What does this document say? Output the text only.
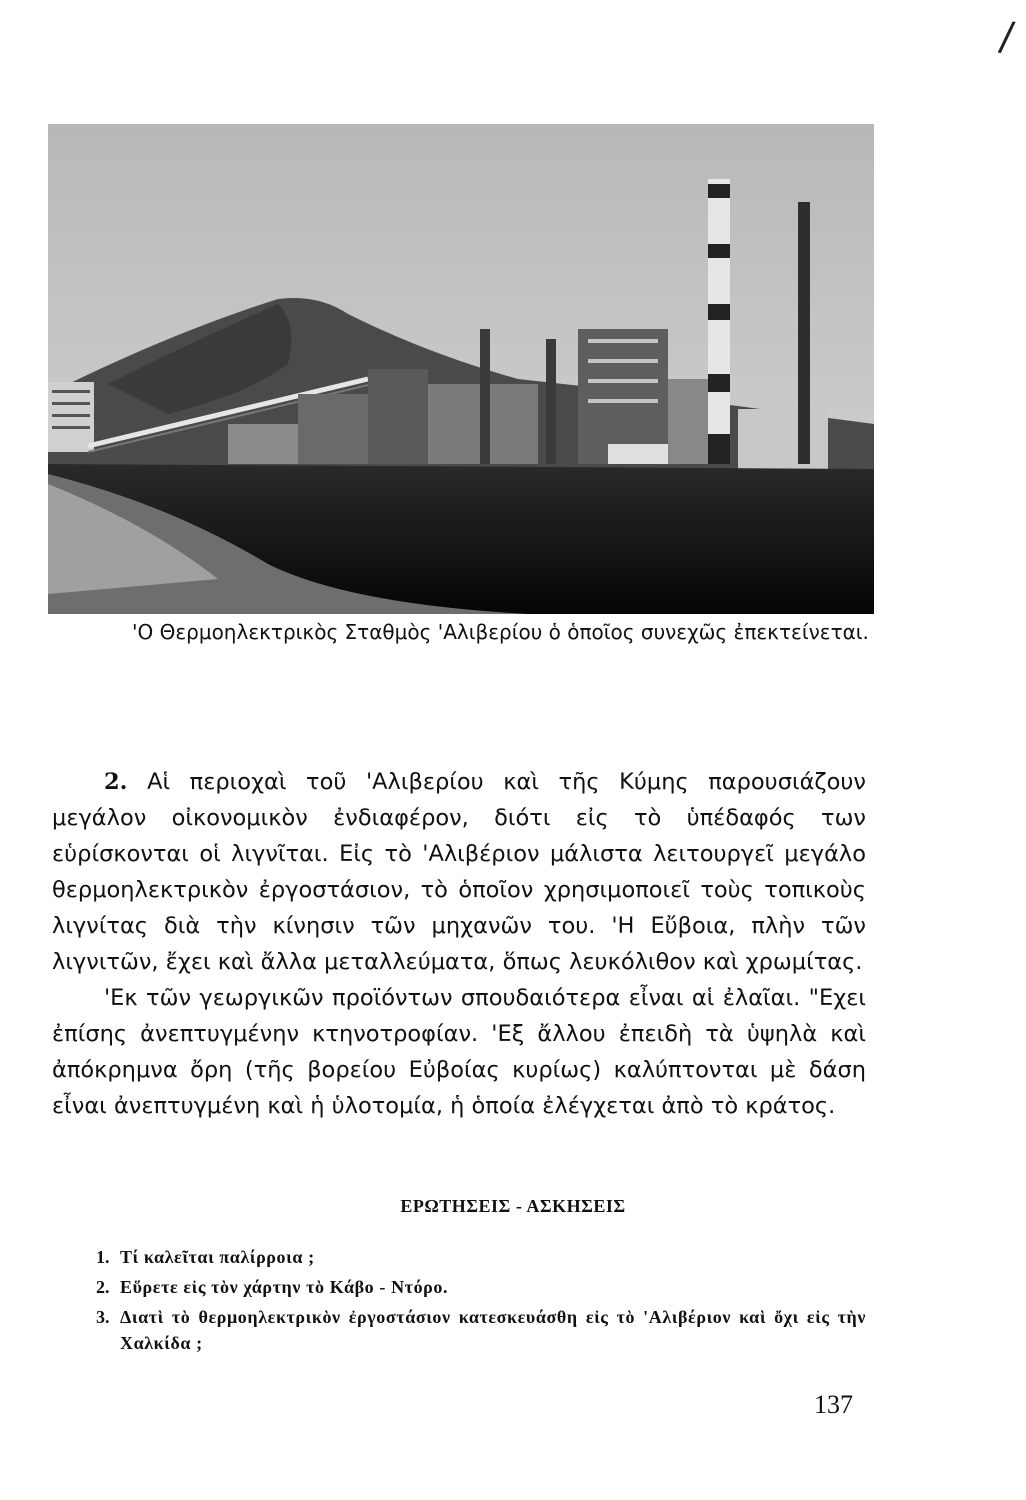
/
'Ο Θερμοηλεκτρικὸς Σταθμὸς 'Αλιβερίου ὁ ὁποῖος συνεχῶς ἐπεκτείνεται.

2. Αἱ περιοχαὶ τοῦ 'Αλιβερίου καὶ τῆς Κύμης παρουσιάζουν μεγάλον οἰκονομικὸν ἐνδιαφέρον, διότι εἰς τὸ ὑπέδαφός των εὑρίσκονται οἱ λιγνῖται. Εἰς τὸ 'Αλιβέριον μάλιστα λειτουργεῖ μεγάλο θερμοηλεκτρικὸν ἐργοστάσιον, τὸ ὁποῖον χρησιμοποιεῖ τοὺς τοπικοὺς λιγνίτας διὰ τὴν κίνησιν τῶν μηχανῶν του. 'Η Εὔβοια, πλὴν τῶν λιγνιτῶν, ἔχει καὶ ἄλλα μεταλλεύματα, ὅπως λευκόλιθον καὶ χρωμίτας.

'Εκ τῶν γεωργικῶν προϊόντων σπουδαιότερα εἶναι αἱ ἐλαῖαι. "Εχει ἐπίσης ἀνεπτυγμένην κτηνοτροφίαν. 'Εξ ἄλλου ἐπειδὴ τὰ ὑψηλὰ καὶ ἀπόκρημνα ὄρη (τῆς βορείου Εὐβοίας κυρίως) καλύπτονται μὲ δάση εἶναι ἀνεπτυγμένη καὶ ἡ ὑλοτομία, ἡ ὁποία ἐλέγχεται ἀπὸ τὸ κράτος.

ΕΡΩΤΗΣΕΙΣ - ΑΣΚΗΣΕΙΣ
1. Τί καλεῖται παλίρροια ;
2. Εὕρετε εἰς τὸν χάρτην τὸ Κάβο - Ντόρο.
3. Διατὶ τὸ θερμοηλεκτρικὸν ἐργοστάσιον κατεσκευάσθη εἰς τὸ 'Αλιβέριον καὶ ὄχι εἰς τὴν Χαλκίδα ;
137
